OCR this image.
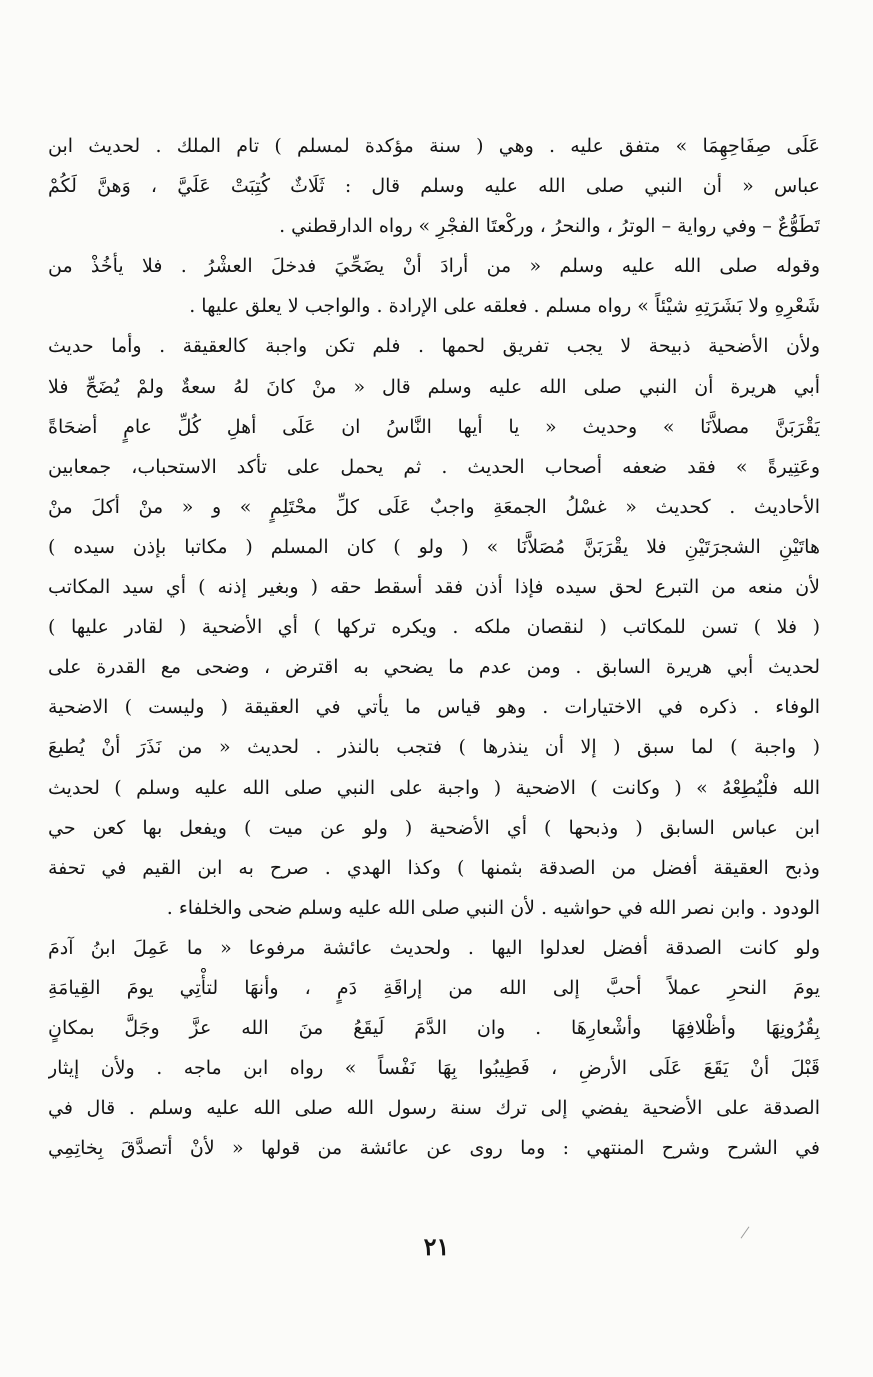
عَلَى صِفَاحِهِمَا » متفق عليه . وهي ( سنة مؤكدة لمسلم ) تام الملك . لحديث ابن
عباس « أن النبي صلى الله عليه وسلم قال : ثَلَاثٌ كُتِبَتْ عَلَيَّ ، وَهنَّ لَكُمْ
تَطَوُّعٌ – وفي رواية – الوترُ ، والنحرُ ، وركْعتَا الفجْرِ » رواه الدارقطني .
وقوله صلى الله عليه وسلم « من أرادَ أنْ يضَحِّيَ فدخلَ العشْرُ . فلا يأخُذْ من
شَعْرِهِ ولا بَشَرَتِهِ شيْئاً » رواه مسلم . فعلقه على الإرادة . والواجب لا يعلق عليها .
ولأن الأضحية ذبيحة لا يجب تفريق لحمها . فلم تكن واجبة كالعقيقة . وأما حديث
أبي هريرة أن النبي صلى الله عليه وسلم قال « منْ كانَ لهُ سعةٌ ولمْ يُضَحِّ فلا
يَقْرَبَنَّ مصلاَّنَا » وحديث « يا أيها النَّاسُ ان عَلَى أهلِ كُلِّ عامٍ أضحَاةً
وعَتِيرةً » فقد ضعفه أصحاب الحديث . ثم يحمل على تأكد الاستحباب، جمعابين
الأحاديث . كحديث « غسْلُ الجمعَةِ واجبٌ عَلَى كلِّ محْتَلِمٍ » و « منْ أكلَ منْ
هاتَيْنِ الشجرَتَيْنِ فلا يقْرَبَنَّ مُصَلاَّنَا » ( ولو ) كان المسلم ( مكاتبا بإذن سيده )
لأن منعه من التبرع لحق سيده فإذا أذن فقد أسقط حقه ( وبغير إذنه ) أي سيد المكاتب
( فلا ) تسن للمكاتب ( لنقصان ملكه . ويكره تركها ) أي الأضحية ( لقادر عليها )
لحديث أبي هريرة السابق . ومن عدم ما يضحي به اقترض ، وضحى مع القدرة على
الوفاء . ذكره في الاختيارات . وهو قياس ما يأتي في العقيقة ( وليست ) الاضحية
( واجبة ) لما سبق ( إلا أن ينذرها ) فتجب بالنذر . لحديث « من نَذَرَ أنْ يُطيعَ
الله فلْيُطِعْهُ » ( وكانت ) الاضحية ( واجبة على النبي صلى الله عليه وسلم ) لحديث
ابن عباس السابق ( وذبحها ) أي الأضحية ( ولو عن ميت ) ويفعل بها كعن حي
وذبح العقيقة أفضل من الصدقة بثمنها ) وكذا الهدي . صرح به ابن القيم في تحفة
الودود . وابن نصر الله في حواشيه . لأن النبي صلى الله عليه وسلم ضحى والخلفاء .
ولو كانت الصدقة أفضل لعدلوا اليها . ولحديث عائشة مرفوعا « ما عَمِلَ ابنُ آدمَ
يومَ النحرِ عملاً أحبَّ إلى الله من إراقَةِ دَمٍ ، وأنهَا لتأْتِي يومَ القِيامَةِ
بِقُرُونِهَا وأظْلافِهَا وأشْعارِهَا . وان الدَّمَ لَيقَعُ منَ الله عزَّ وجَلَّ بمكانٍ
قَبْلَ أنْ يَقَعَ عَلَى الأرضِ ، فَطِيبُوا بِهَا نَفْساً » رواه ابن ماجه . ولأن إيثار
الصدقة على الأضحية يفضي إلى ترك سنة رسول الله صلى الله عليه وسلم . قال في
في الشرح وشرح المنتهي : وما روى عن عائشة من قولها « لأنْ أتصدَّقَ بِخاتِمِي
٢١
